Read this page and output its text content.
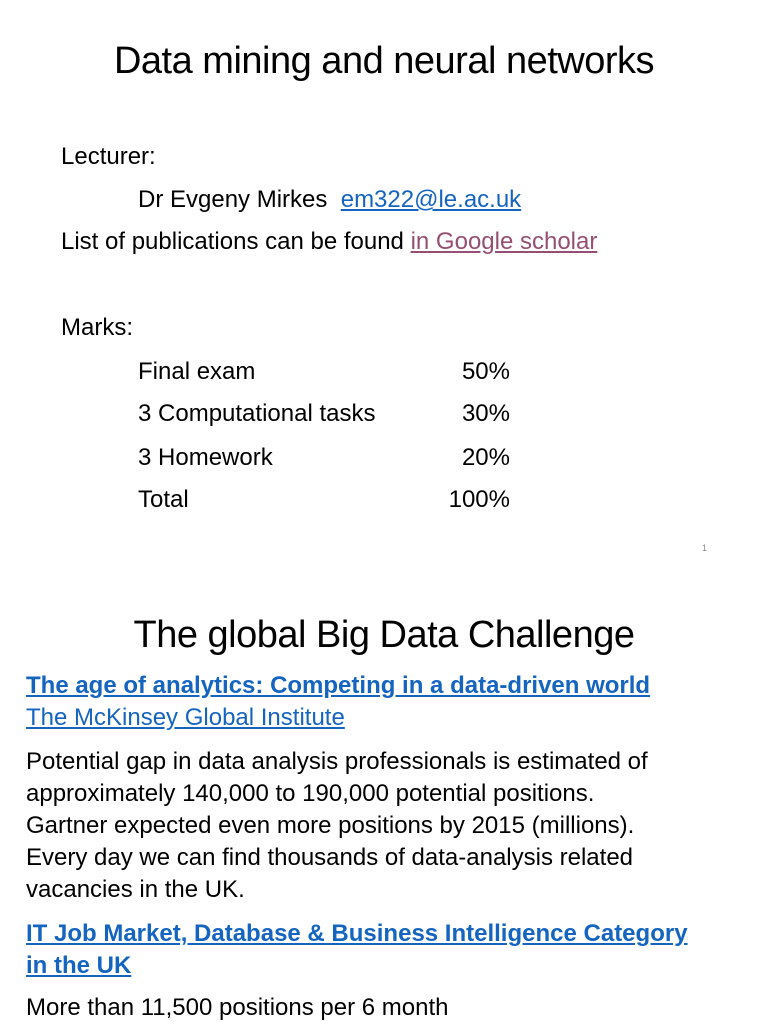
Data mining and neural networks
Lecturer:
Dr Evgeny Mirkes em322@le.ac.uk
List of publications can be found in Google scholar
Marks:
Final exam	50%
3 Computational tasks	30%
3 Homework	20%
Total	100%
1
The global Big Data Challenge
The age of analytics: Competing in a data-driven world
The McKinsey Global Institute
Potential gap in data analysis professionals is estimated of
approximately 140,000 to 190,000 potential positions.
Gartner expected even more positions by 2015 (millions).
Every day we can find thousands of data-analysis related
vacancies in the UK.
IT Job Market, Database & Business Intelligence Category
in the UK
More than 11,500 positions per 6 month
